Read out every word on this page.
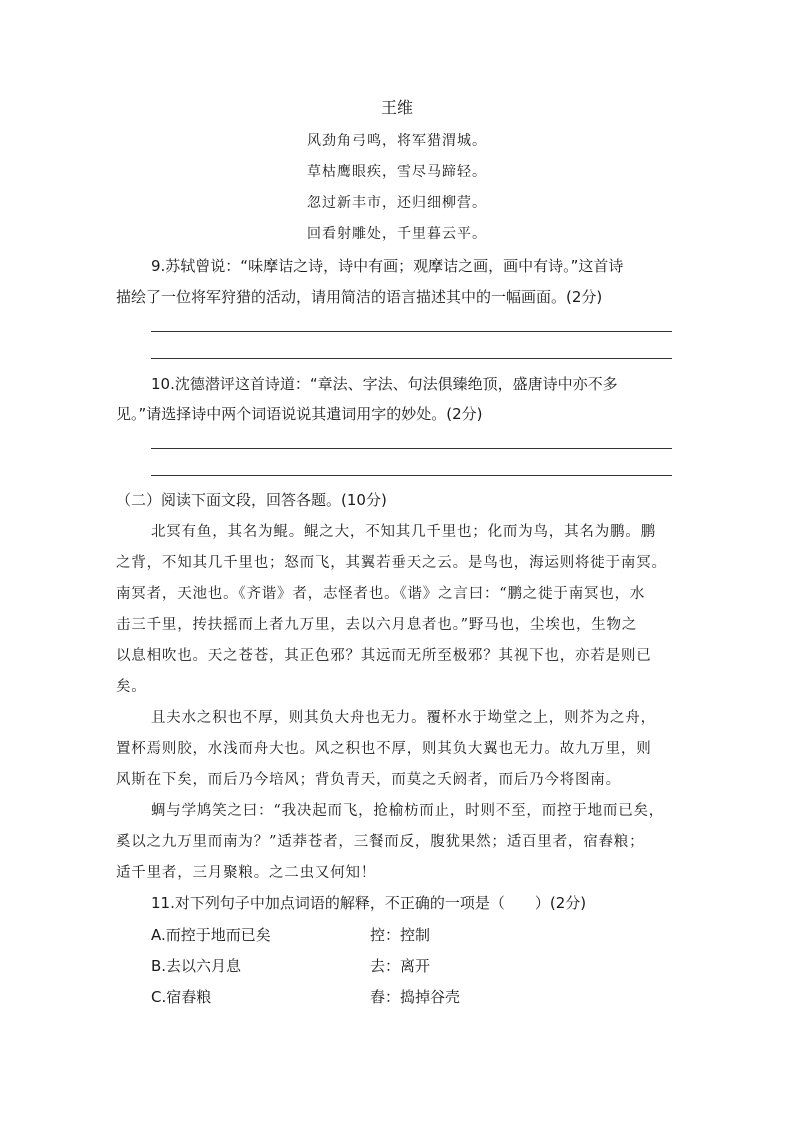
王维
风劲角弓鸣，将军猎渭城。
草枯鹰眼疾，雪尽马蹄轻。
忽过新丰市，还归细柳营。
回看射雕处，千里暮云平。
9.苏轼曾说：“味摩诘之诗，诗中有画；观摩诘之画，画中有诗。”这首诗
描绘了一位将军狩猎的活动，请用简洁的语言描述其中的一幅画面。(2分)
10.沈德潜评这首诗道：“章法、字法、句法俱臻绝顶，盛唐诗中亦不多
见。”请选择诗中两个词语说说其遣词用字的妙处。(2分)
（二）阅读下面文段，回答各题。(10分)
北冥有鱼，其名为鲲。鲲之大，不知其几千里也；化而为鸟，其名为鹏。鹏
之背，不知其几千里也；怒而飞，其翼若垂天之云。是鸟也，海运则将徙于南冥。
南冥者，天池也。《齐谐》者，志怪者也。《谐》之言曰：“鹏之徙于南冥也，水
击三千里，抟扶摇而上者九万里，去以六月息者也。”野马也，尘埃也，生物之
以息相吹也。天之苍苍，其正色邪？其远而无所至极邪？其视下也，亦若是则已
矣。
且夫水之积也不厚，则其负大舟也无力。覆杯水于坳堂之上，则芥为之舟，
置杯焉则胶，水浅而舟大也。风之积也不厚，则其负大翼也无力。故九万里，则
风斯在下矣，而后乃今培风；背负青天，而莫之夭阏者，而后乃今将图南。
蜩与学鸠笑之曰：“我决起而飞，抢榆枋而止，时则不至，而控于地而已矣，
奚以之九万里而南为？”适莽苍者，三餐而反，腹犹果然；适百里者，宿舂粮；
适千里者，三月聚粮。之二虫又何知！
11.对下列句子中加点词语的解释，不正确的一项是（　　）(2分)
A.而控于地而已矣	控：控制
B.去以六月息	去：离开
C.宿舂粮	舂：捣掉谷壳
